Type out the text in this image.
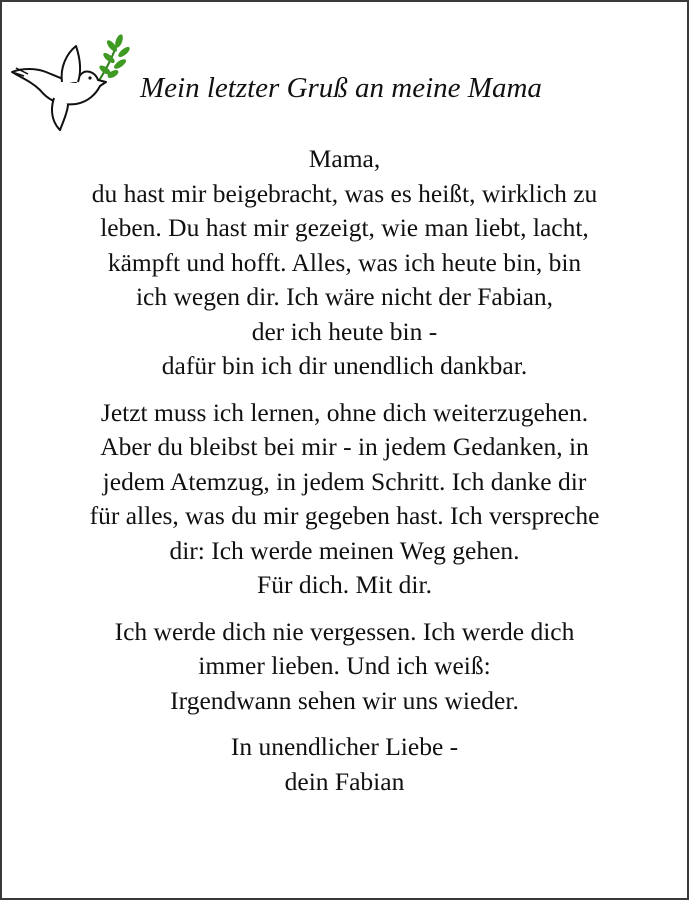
Mein letzter Gruß an meine Mama

Mama,
du hast mir beigebracht, was es heißt, wirklich zu
leben. Du hast mir gezeigt, wie man liebt, lacht,
kämpft und hofft. Alles, was ich heute bin, bin
ich wegen dir. Ich wäre nicht der Fabian,
der ich heute bin -
dafür bin ich dir unendlich dankbar.

Jetzt muss ich lernen, ohne dich weiterzugehen.
Aber du bleibst bei mir - in jedem Gedanken, in
jedem Atemzug, in jedem Schritt. Ich danke dir
für alles, was du mir gegeben hast. Ich verspreche
dir: Ich werde meinen Weg gehen.
Für dich. Mit dir.

Ich werde dich nie vergessen. Ich werde dich
immer lieben. Und ich weiß:
Irgendwann sehen wir uns wieder.

In unendlicher Liebe -
dein Fabian
